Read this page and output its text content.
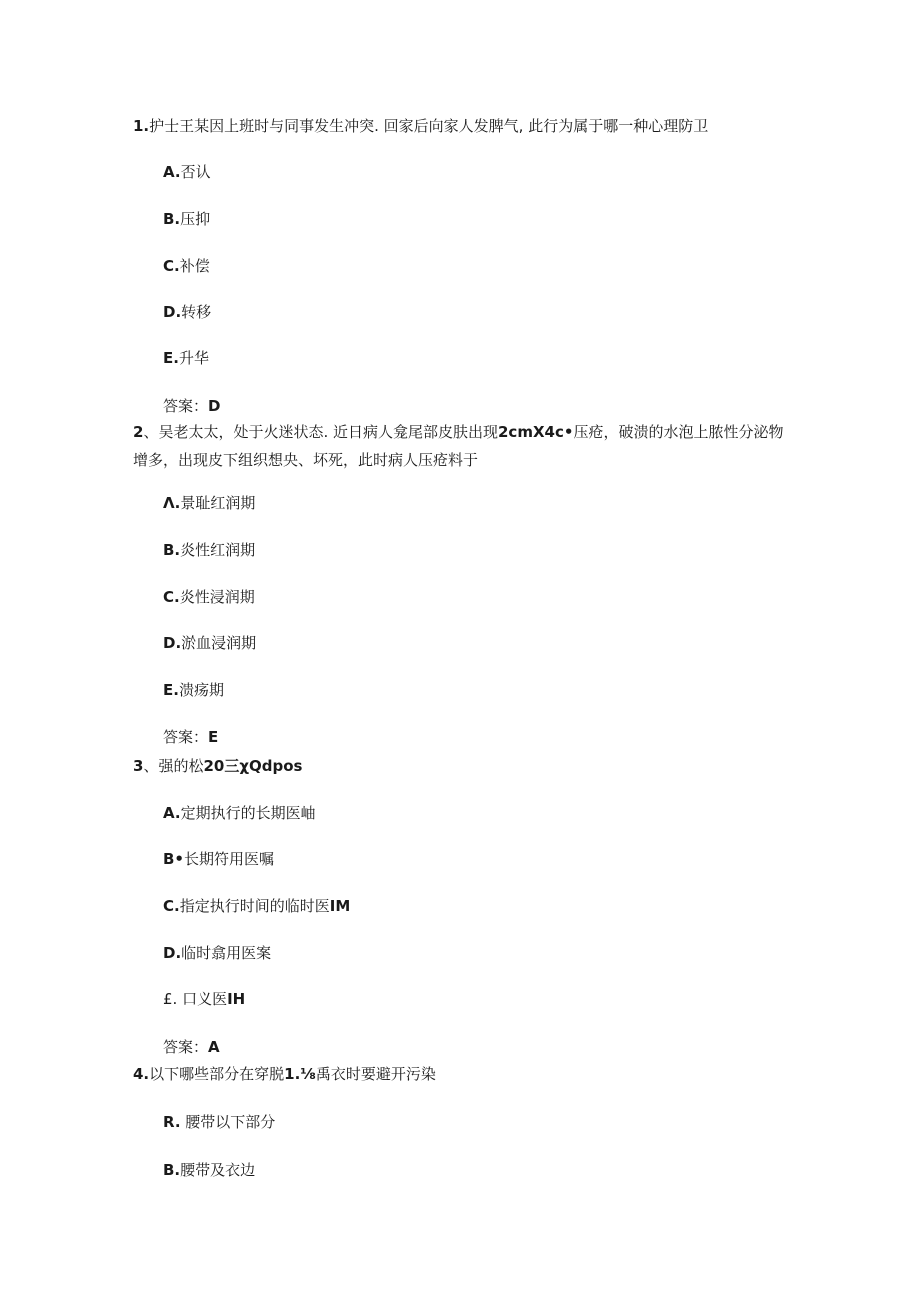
1.护士王某因上班时与同事发生冲突. 回家后向家人发脾气, 此行为属于哪一种心理防卫
A.否认
B.压抑
C.补偿
D.转移
E.升华
答案：D
2、吴老太太，处于火迷状态. 近日病人龛尾部皮肤出现2cmX4c•压疮，破溃的水泡上脓性分泌物增多，出现皮下组织想央、坏死，此时病人压疮料于
Λ.景耻红润期
B.炎性红润期
C.炎性浸润期
D.淤血浸润期
E.溃疡期
答案：E
3、强的松20三χQdpos
A.定期执行的长期医岫
B•长期符用医嘱
C.指定执行时间的临时医IM
D.临时翕用医案
£. 口义医IH
答案：A
4.以下哪些部分在穿脱1.⅛禹衣时要避开污染
R. 腰带以下部分
B.腰带及衣边
